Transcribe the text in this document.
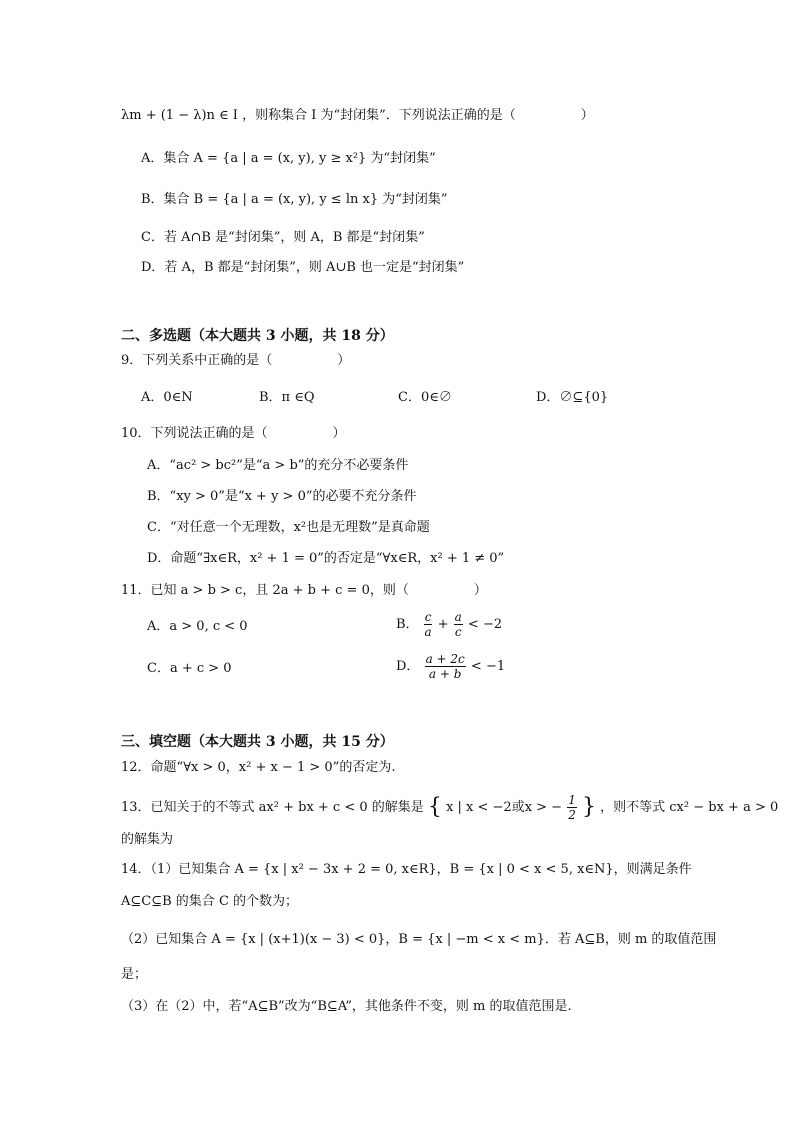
λm + (1 − λ)n ∈ I ，则称集合 I 为“封闭集”．下列说法正确的是（　　　　　）
A．集合 A = {a | a = (x, y), y ≥ x²} 为“封闭集”
B．集合 B = {a | a = (x, y), y ≤ ln x} 为“封闭集”
C．若 A∩B 是“封闭集”，则 A，B 都是“封闭集”
D．若 A，B 都是“封闭集”，则 A∪B 也一定是“封闭集”
二、多选题（本大题共 3 小题，共 18 分）
9．下列关系中正确的是（　　　　　）
A．0∈N	B．π ∈Q	C．0∈∅	D．∅⊆{0}
10．下列说法正确的是（　　　　　）
A．“ac² > bc²”是“a > b”的充分不必要条件
B．“xy > 0”是“x + y > 0”的必要不充分条件
C．“对任意一个无理数，x²也是无理数”是真命题
D．命题“∃x∈R，x² + 1 = 0”的否定是“∀x∈R，x² + 1 ≠ 0”
11．已知 a > b > c，且 2a + b + c = 0，则（　　　　　）
A．a > 0, c < 0	B． $\frac{c}{a} + \frac{a}{c} < -2$
C．a + c > 0	D． $\frac{a + 2c}{a + b} < -1$
三、填空题（本大题共 3 小题，共 15 分）
12．命题“∀x > 0，x² + x − 1 > 0”的否定为.
13．已知关于的不等式 ax² + bx + c < 0 的解集是 { x | x < −2或x > − $\frac{1}{2}$ } ，则不等式 cx² − bx + a > 0
的解集为
14．（1）已知集合 A = {x | x² − 3x + 2 = 0, x∈R}，B = {x | 0 < x < 5, x∈N}，则满足条件
A⊆C⊆B 的集合 C 的个数为；
（2）已知集合 A = {x | (x+1)(x − 3) < 0}，B = {x | −m < x < m}．若 A⊆B，则 m 的取值范围
是；
（3）在（2）中，若“A⊆B”改为“B⊆A”，其他条件不变，则 m 的取值范围是.
